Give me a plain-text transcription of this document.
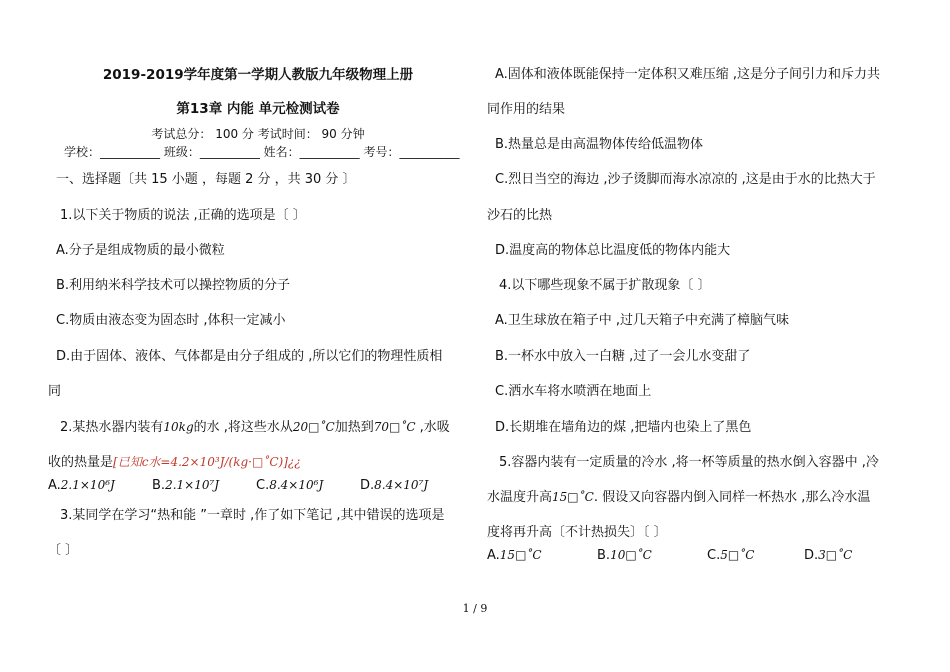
2019-2019学年度第一学期人教版九年级物理上册
第13章 内能 单元检测试卷
考试总分： 100 分 考试时间： 90 分钟
学校：__________ 班级：__________ 姓名：__________ 考号：__________
一、选择题〔共 15 小题 ，每题 2 分 ，共 30 分 〕
1.以下关于物质的说法 ,正确的选项是〔 〕
A.分子是组成物质的最小微粒
B.利用纳米科学技术可以操控物质的分子
C.物质由液态变为固态时 ,体积一定减小
D.由于固体、液体、气体都是由分子组成的 ,所以它们的物理性质相
同
2.某热水器内装有10kg的水 ,将这些水从20□˚C加热到70□˚C ,水吸
收的热量是[已知c水=4.2×10³J/(kg·□˚C)]¿¿
A.2.1×10⁶J	B.2.1×10⁷J	C.8.4×10⁶J	D.8.4×10⁷J
3.某同学在学习“热和能 ”一章时 ,作了如下笔记 ,其中错误的选项是
〔 〕
A.固体和液体既能保持一定体积又难压缩 ,这是分子间引力和斥力共
同作用的结果
B.热量总是由高温物体传给低温物体
C.烈日当空的海边 ,沙子烫脚而海水凉凉的 ,这是由于水的比热大于
沙石的比热
D.温度高的物体总比温度低的物体内能大
4.以下哪些现象不属于扩散现象〔 〕
A.卫生球放在箱子中 ,过几天箱子中充满了樟脑气味
B.一杯水中放入一白糖 ,过了一会儿水变甜了
C.洒水车将水喷洒在地面上
D.长期堆在墙角边的煤 ,把墙内也染上了黑色
5.容器内装有一定质量的冷水 ,将一杯等质量的热水倒入容器中 ,冷
水温度升高15□˚C. 假设又向容器内倒入同样一杯热水 ,那么冷水温
度将再升高〔不计热损失〕〔 〕
A.15□˚C	B.10□˚C	C.5□˚C	D.3□˚C
1 / 9
